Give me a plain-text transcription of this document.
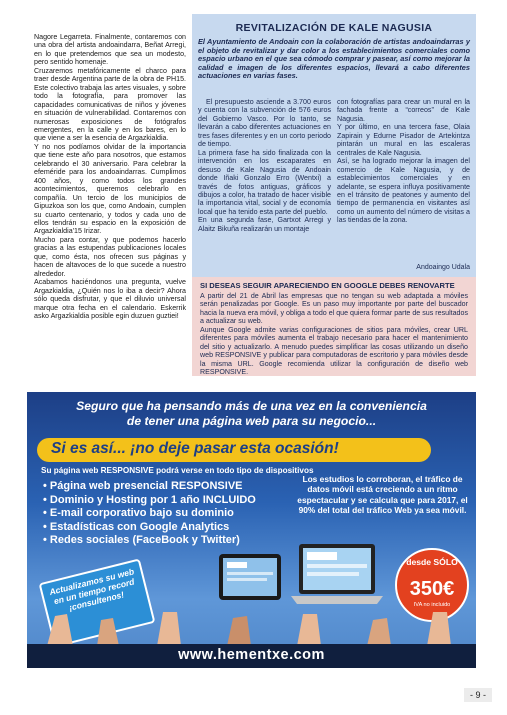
Nagore Legarreta. Finalmente, contaremos con una obra del artista andoaindarra, Beñat Arregi, en lo que pretendemos que sea un modesto, pero sentido homenaje.

Cruzaremos metafóricamente el charco para traer desde Argentina parte de la obra de PH15. Este colectivo trabaja las artes visuales, y sobre todo la fotografía, para promover las capacidades comunicativas de niños y jóvenes en situación de vulnerabilidad. Contaremos con numerosas exposiciones de fotógrafos emergentes, en la calle y en los bares, en lo que viene a ser la esencia de Argazkialdia.

Y no nos podíamos olvidar de la importancia que tiene este año para nosotros, que estamos celebrando el 30 aniversario. Para celebrar la efeméride para los andoaindarras. Cumplimos 400 años, y como todos los grandes acontecimientos, queremos celebrarlo en compañía. Un tercio de los municipios de Gipuzkoa son los que, como Andoain, cumplen su cuarto centenario, y todos y cada uno de ellos tendrán su espacio en la exposición de Argazkialdia'15 Irizar.

Mucho para contar, y que podemos hacerlo gracias a las estupendas publicaciones locales que, como ésta, nos ofrecen sus páginas y hacen de altavoces de lo que sucede a nuestro alrededor.

Acabamos haciéndonos una pregunta, vuelve Argazkialdia, ¿Quién nos lo iba a decir? Ahora sólo queda disfrutar, y que el diluvio universal marque otra fecha en el calendario. Eskerrik asko Argazkialdia posible egin duzuen guztiei!

REVITALIZACIÓN DE KALE NAGUSIA

El Ayuntamiento de Andoain con la colaboración de artistas andoaindarras y el objeto de revitalizar y dar color a los establecimientos comerciales como espacio urbano en el que sea cómodo comprar y pasear, así como mejorar la calidad e imagen de los diferentes espacios, llevará a cabo diferentes actuaciones en varias fases.

El presupuesto asciende a 3.700 euros y cuenta con la subvención de 576 euros del Gobierno Vasco. Por lo tanto, se llevarán a cabo diferentes actuaciones en tres fases diferentes y en un corto periodo de tiempo.

La primera fase ha sido finalizada con la intervención en los escaparates en desuso de Kale Nagusia de Andoain donde Iñaki Gonzalo Erro (Wentxi) a través de fotos antiguas, gráficos y dibujos a color, ha tratado de hacer visible la importancia vital, social y de economía local que ha tenido esta parte del pueblo.

En una segunda fase, Gartxot Arregi y Alaitz Bikuña realizarán un montaje

con fotografías para crear un mural en la fachada frente a “correos” de Kale Nagusia.

Y por último, en una tercera fase, Olaia Zapirain y Edurne Pisador de Artekintza pintarán un mural en las escaleras centrales de Kale Nagusia.

Así, se ha logrado mejorar la imagen del comercio de Kale Nagusia, y de establecimientos comerciales y en adelante, se espera influya positivamente en el tránsito de peatones y aumento del tiempo de permanencia en visitantes así como un aumento del número de visitas a las tiendas de la zona.

Andoaingo Udala

SI DESEAS SEGUIR APARECIENDO EN GOOGLE DEBES RENOVARTE

A partir del 21 de Abril las empresas que no tengan su web adaptada a móviles serán penalizadas por Google. Es un paso muy importante por parte del buscador hacia la nueva era móvil, y obliga a todo el que quiera formar parte de sus resultados a actualizar su web.

Aunque Google admite varias configuraciones de sitios para móviles, crear URL diferentes para móviles aumenta el trabajo necesario para hacer el mantenimiento del sitio y actualizarlo. A menudo puedes simplificar las cosas utilizando un diseño web RESPONSIVE y publicar para computadoras de escritorio y para móviles desde la misma URL. Google recomienda utilizar la configuración de diseño web RESPONSIVE.

Seguro que ha pensando más de una vez en la conveniencia
de tener una página web para su negocio...

Si es así... ¡no deje pasar esta ocasión!

Su página web RESPONSIVE podrá verse en todo tipo de dispositivos

• Página web presencial RESPONSIVE
• Dominio y Hosting por 1 año INCLUIDO
• E-mail corporativo bajo su dominio
• Estadísticas con Google Analytics
• Redes sociales (FaceBook y Twitter)

Los estudios lo corroboran, el tráfico de datos móvil está creciendo a un ritmo espectacular y se calcula que para 2017, el 90% del total del tráfico Web ya sea móvil.

Actualizamos su web en un tiempo record ¡consultenos!

desde SÓLO

350€

IVA no incluido

www.hementxe.com

- 9 -
